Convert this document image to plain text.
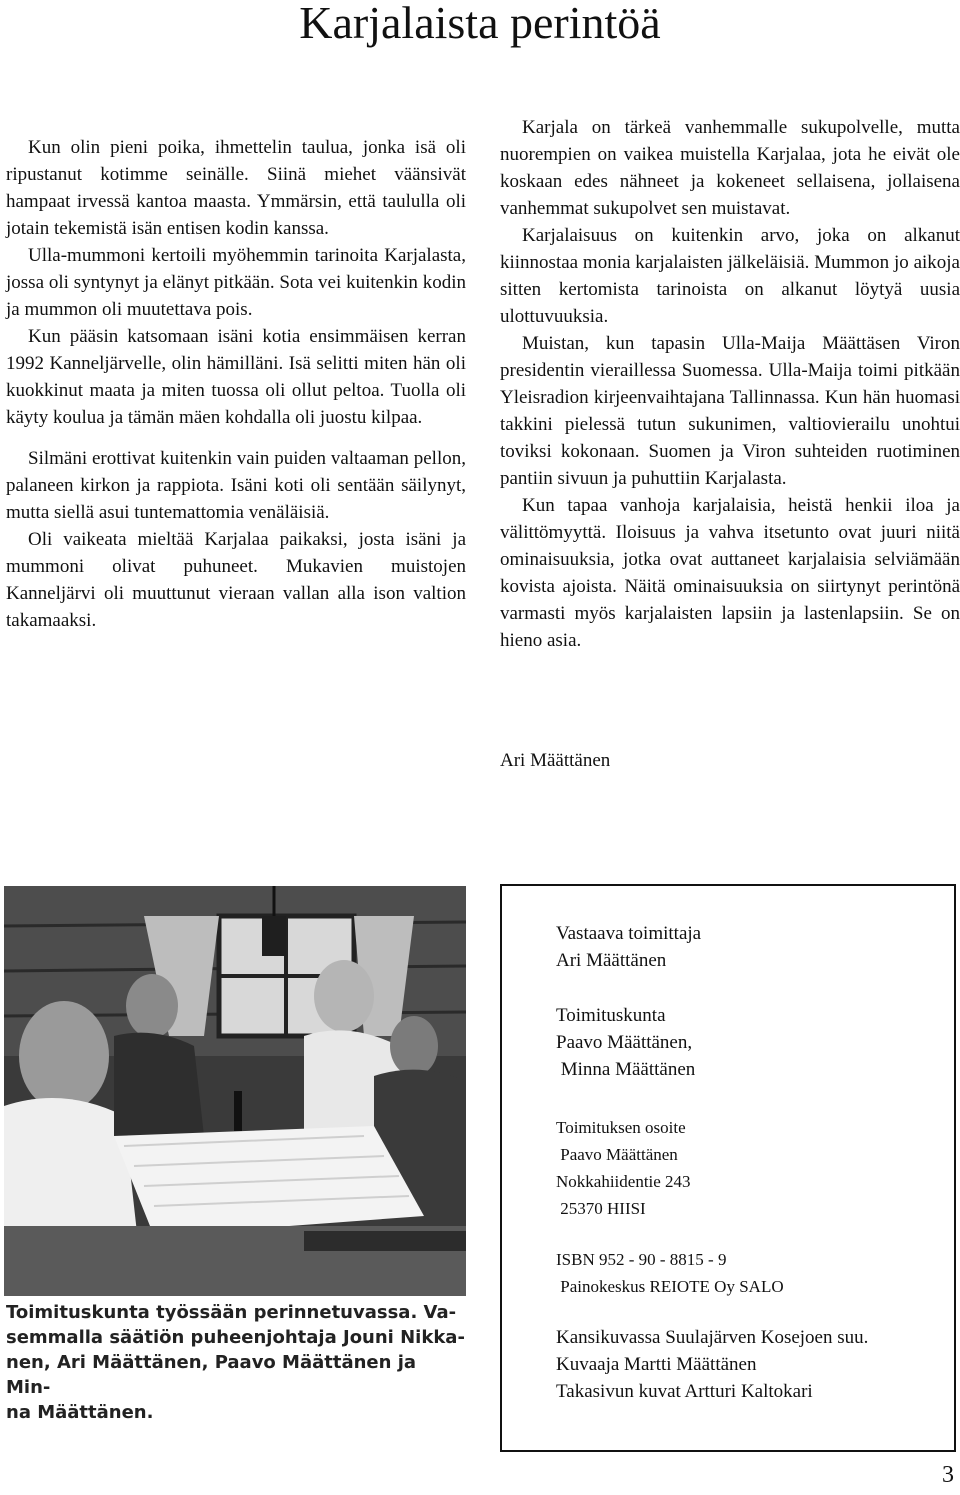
Karjalaista perintöä

Kun olin pieni poika, ihmettelin taulua, jonka isä oli ripustanut kotimme seinälle. Siinä miehet väänsivät hampaat irvessä kantoa maasta. Ymmärsin, että taululla oli jotain tekemistä isän entisen kodin kanssa.

Ulla-mummoni kertoili myöhemmin tarinoita Karjalasta, jossa oli syntynyt ja elänyt pitkään. Sota vei kuitenkin kodin ja mummon oli muutettava pois.

Kun pääsin katsomaan isäni kotia ensimmäisen kerran 1992 Kanneljärvelle, olin hämilläni. Isä selitti miten hän oli kuokkinut maata ja miten tuossa oli ollut peltoa. Tuolla oli käyty koulua ja tämän mäen kohdalla oli juostu kilpaa.

Silmäni erottivat kuitenkin vain puiden valtaaman pellon, palaneen kirkon ja rappiota. Isäni koti oli sentään säilynyt, mutta siellä asui tuntemattomia venäläisiä.

Oli vaikeata mieltää Karjalaa paikaksi, josta isäni ja mummoni olivat puhuneet. Mukavien muistojen Kanneljärvi oli muuttunut vieraan vallan alla ison valtion takamaaksi.

Karjala on tärkeä vanhemmalle sukupolvelle, mutta nuorempien on vaikea muistella Karjalaa, jota he eivät ole koskaan edes nähneet ja kokeneet sellaisena, jollaisena vanhemmat sukupolvet sen muistavat.

Karjalaisuus on kuitenkin arvo, joka on alkanut kiinnostaa monia karjalaisten jälkeläisiä. Mummon jo aikoja sitten kertomista tarinoista on alkanut löytyä uusia ulottuvuuksia.

Muistan, kun tapasin Ulla-Maija Määttäsen Viron presidentin vieraillessa Suomessa. Ulla-Maija toimi pitkään Yleisradion kirjeenvaihtajana Tallinnassa. Kun hän huomasi takkini pielessä tutun sukunimen, valtiovierailu unohtui toviksi kokonaan. Suomen ja Viron suhteiden ruotiminen pantiin sivuun ja puhuttiin Karjalasta.

Kun tapaa vanhoja karjalaisia, heistä henkii iloa ja välittömyyttä. Iloisuus ja vahva itsetunto ovat juuri niitä ominaisuuksia, jotka ovat auttaneet karjalaisia selviämään kovista ajoista. Näitä ominaisuuksia on siirtynyt perintönä varmasti myös karjalaisten lapsiin ja lastenlapsiin. Se on hieno asia.

Ari Määttänen

Toimituskunta työssään perinnetuvassa. Va-

semmalla säätiön puheenjohtaja Jouni Nikka-

nen, Ari Määttänen, Paavo Määttänen ja Min-

na Määttänen.

Vastaava toimittaja
Ari Määttänen
Toimituskunta
Paavo Määttänen,
Minna Määttänen
Toimituksen osoite
Paavo Määttänen
Nokkahiidentie 243
25370 HIISI
ISBN 952 - 90 - 8815 - 9
Painokeskus REIOTE Oy SALO
Kansikuvassa Suulajärven Kosejoen suu.
Kuvaaja Martti Määttänen
Takasivun kuvat Artturi Kaltokari
3
